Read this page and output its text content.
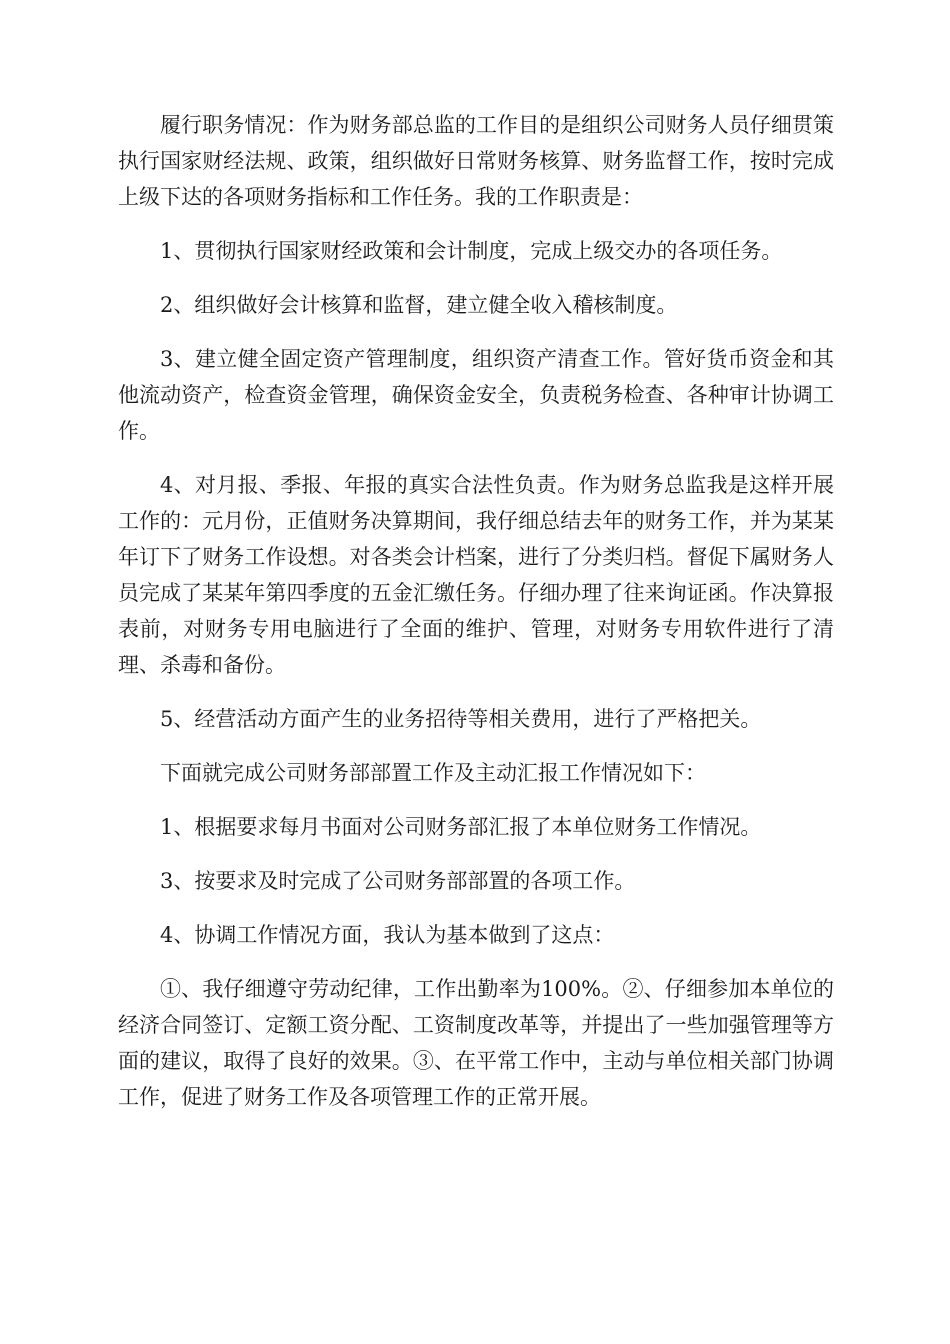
履行职务情况：作为财务部总监的工作目的是组织公司财务人员仔细贯策执行国家财经法规、政策，组织做好日常财务核算、财务监督工作，按时完成上级下达的各项财务指标和工作任务。我的工作职责是：

1、贯彻执行国家财经政策和会计制度，完成上级交办的各项任务。

2、组织做好会计核算和监督，建立健全收入稽核制度。

3、建立健全固定资产管理制度，组织资产清查工作。管好货币资金和其他流动资产，检查资金管理，确保资金安全，负责税务检查、各种审计协调工作。

4、对月报、季报、年报的真实合法性负责。作为财务总监我是这样开展工作的：元月份，正值财务决算期间，我仔细总结去年的财务工作，并为某某年订下了财务工作设想。对各类会计档案，进行了分类归档。督促下属财务人员完成了某某年第四季度的五金汇缴任务。仔细办理了往来询证函。作决算报表前，对财务专用电脑进行了全面的维护、管理，对财务专用软件进行了清理、杀毒和备份。

5、经营活动方面产生的业务招待等相关费用，进行了严格把关。

下面就完成公司财务部部置工作及主动汇报工作情况如下：

1、根据要求每月书面对公司财务部汇报了本单位财务工作情况。

3、按要求及时完成了公司财务部部置的各项工作。

4、协调工作情况方面，我认为基本做到了这点：

①、我仔细遵守劳动纪律，工作出勤率为100%。②、仔细参加本单位的经济合同签订、定额工资分配、工资制度改革等，并提出了一些加强管理等方面的建议，取得了良好的效果。③、在平常工作中，主动与单位相关部门协调工作，促进了财务工作及各项管理工作的正常开展。
